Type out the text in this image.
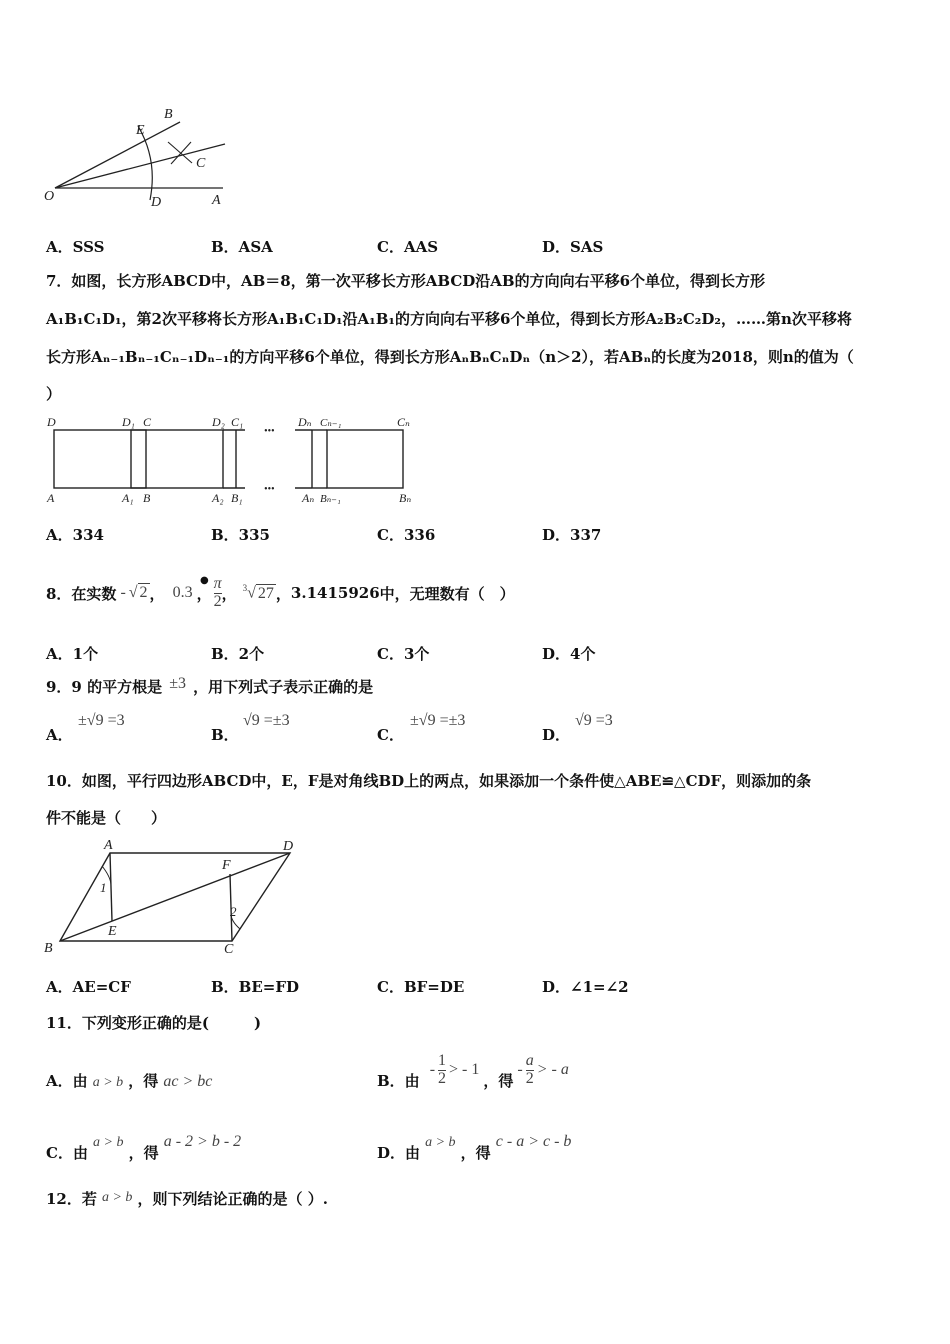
O	A
B
C
D
E
A．SSS	B．ASA	C．AAS	D．SAS
7．如图，长方形ABCD中，AB＝8，第一次平移长方形ABCD沿AB的方向向右平移6个单位，得到长方形
A₁B₁C₁D₁，第2次平移将长方形A₁B₁C₁D₁沿A₁B₁的方向向右平移6个单位，得到长方形A₂B₂C₂D₂，……第n次平移将
长方形Aₙ₋₁Bₙ₋₁Cₙ₋₁Dₙ₋₁的方向平移6个单位，得到长方形AₙBₙCₙDₙ（n＞2），若ABₙ的长度为2018，则n的值为（
）
•••
•••
D	D₁ C	D₂ C₁	Dₙ Cₙ₋₁	Cₙ
A	A₁ B	A₂ B₁	Aₙ Bₙ₋₁	Bₙ
A．334	B．335	C．336	D．337
8．在实数 - √ 2 ， 0.3 ， $\frac{\pi}{2}$ ， $^3$√ 27 ， 3.1415926 中，无理数有（　）
●
A．1个	B．2个	C．3个	D．4个
9．9 的平方根是 ±3 ，用下列式子表示正确的是
A．
±√9 =3
B．
√9 =±3
C．
±√9 =±3
D．
√9 =3
10．如图，平行四边形ABCD中，E，F是对角线BD上的两点，如果添加一个条件使△ABE≌△CDF，则添加的条
件不能是（　　）
A
B	C
D
E
F
1
2
A．AE=CF	B．BE=FD	C．BF=DE	D．∠1=∠2
11．下列变形正确的是(　　　)
A．由 a > b ，得 ac > bc	B．由
- $\frac{1}{2}$ > - 1
，得
- $\frac{a}{2}$ > - a
C．由 a > b ，得 a - 2 > b - 2
D．由 a > b ，得 c - a > c - b
12．若 a > b ，则下列结论正确的是（ ）.
